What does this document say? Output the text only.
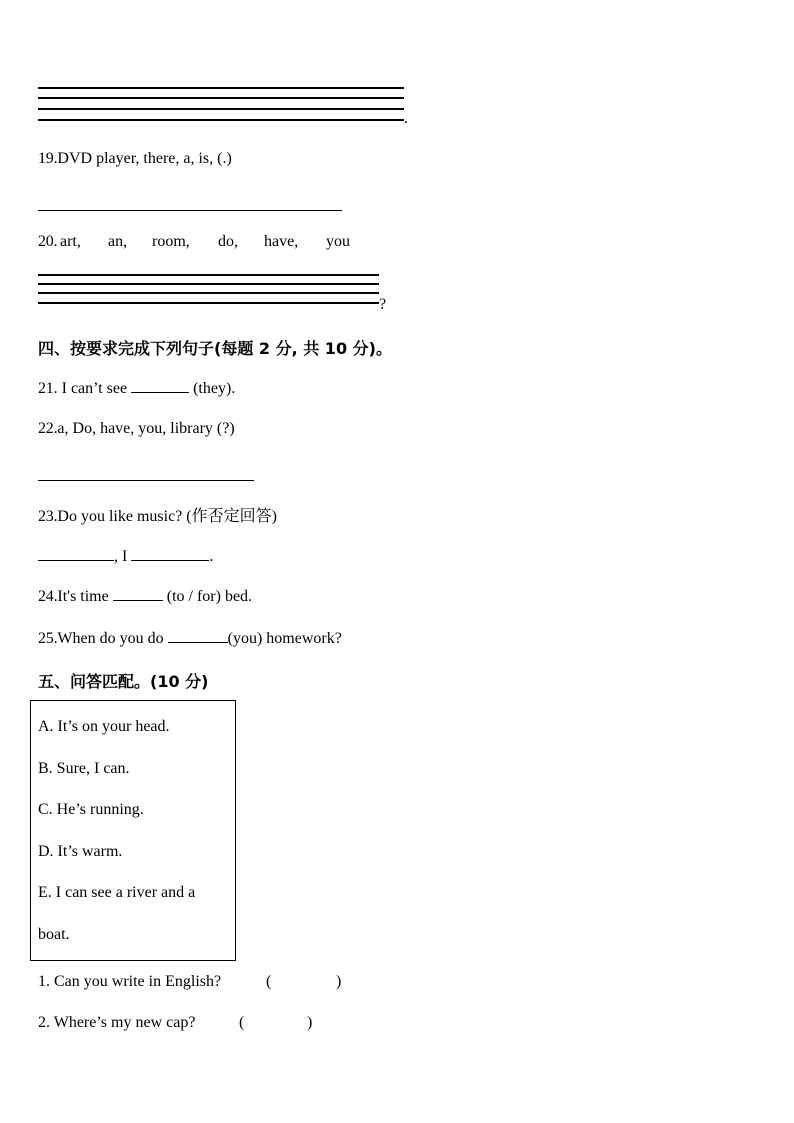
.
19.DVD player, there, a, is, (.)
20. art, an, room, do, have, you
?
四、按要求完成下列句子(每题 2 分, 共 10 分)。
21. I can’t see	(they).
22.a, Do, have, you, library (?)
23.Do you like music? (作否定回答)
, I	.
24.It's time	(to / for) bed.
25.When do you do	(you) homework?
五、问答匹配。(10 分)
A. It’s on your head.
B. Sure, I can.
C. He’s running.
D. It’s warm.
E. I can see a river and a
boat.
1. Can you write in English?	(	)
2. Where’s my new cap?	(	)
